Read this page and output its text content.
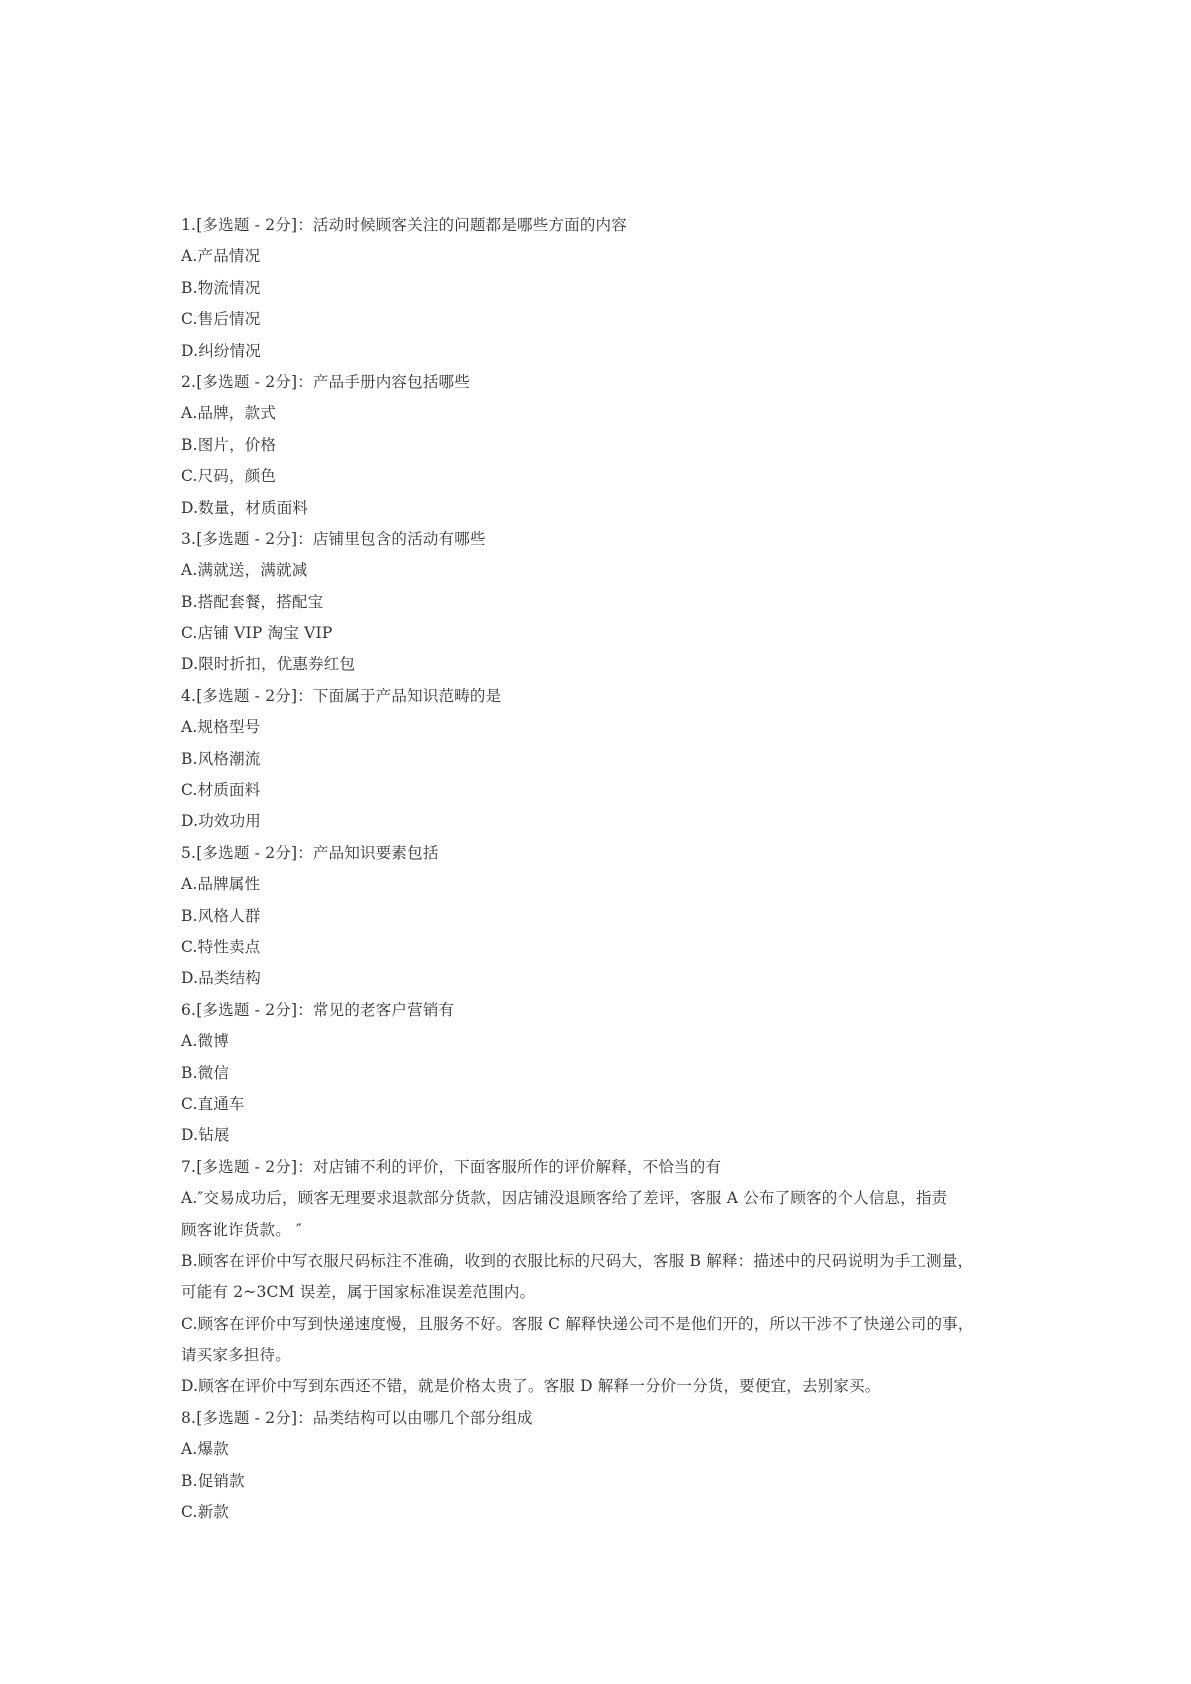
1.[多选题 - 2分]：活动时候顾客关注的问题都是哪些方面的内容
A.产品情况
B.物流情况
C.售后情况
D.纠纷情况
2.[多选题 - 2分]：产品手册内容包括哪些
A.品牌，款式
B.图片，价格
C.尺码，颜色
D.数量，材质面料
3.[多选题 - 2分]：店铺里包含的活动有哪些
A.满就送，满就减
B.搭配套餐，搭配宝
C.店铺 VIP 淘宝 VIP
D.限时折扣，优惠券红包
4.[多选题 - 2分]：下面属于产品知识范畴的是
A.规格型号
B.风格潮流
C.材质面料
D.功效功用
5.[多选题 - 2分]：产品知识要素包括
A.品牌属性
B.风格人群
C.特性卖点
D.品类结构
6.[多选题 - 2分]：常见的老客户营销有
A.微博
B.微信
C.直通车
D.钻展
7.[多选题 - 2分]：对店铺不利的评价，下面客服所作的评价解释，不恰当的有
A.″交易成功后，顾客无理要求退款部分货款，因店铺没退顾客给了差评，客服 A 公布了顾客的个人信息，指责
顾客讹诈货款。 ″
B.顾客在评价中写衣服尺码标注不准确，收到的衣服比标的尺码大，客服 B 解释：描述中的尺码说明为手工测量，
可能有 2~3CM 误差，属于国家标准误差范围内。
C.顾客在评价中写到快递速度慢，且服务不好。客服 C 解释快递公司不是他们开的，所以干涉不了快递公司的事，
请买家多担待。
D.顾客在评价中写到东西还不错，就是价格太贵了。客服 D 解释一分价一分货，要便宜，去别家买。
8.[多选题 - 2分]：品类结构可以由哪几个部分组成
A.爆款
B.促销款
C.新款
